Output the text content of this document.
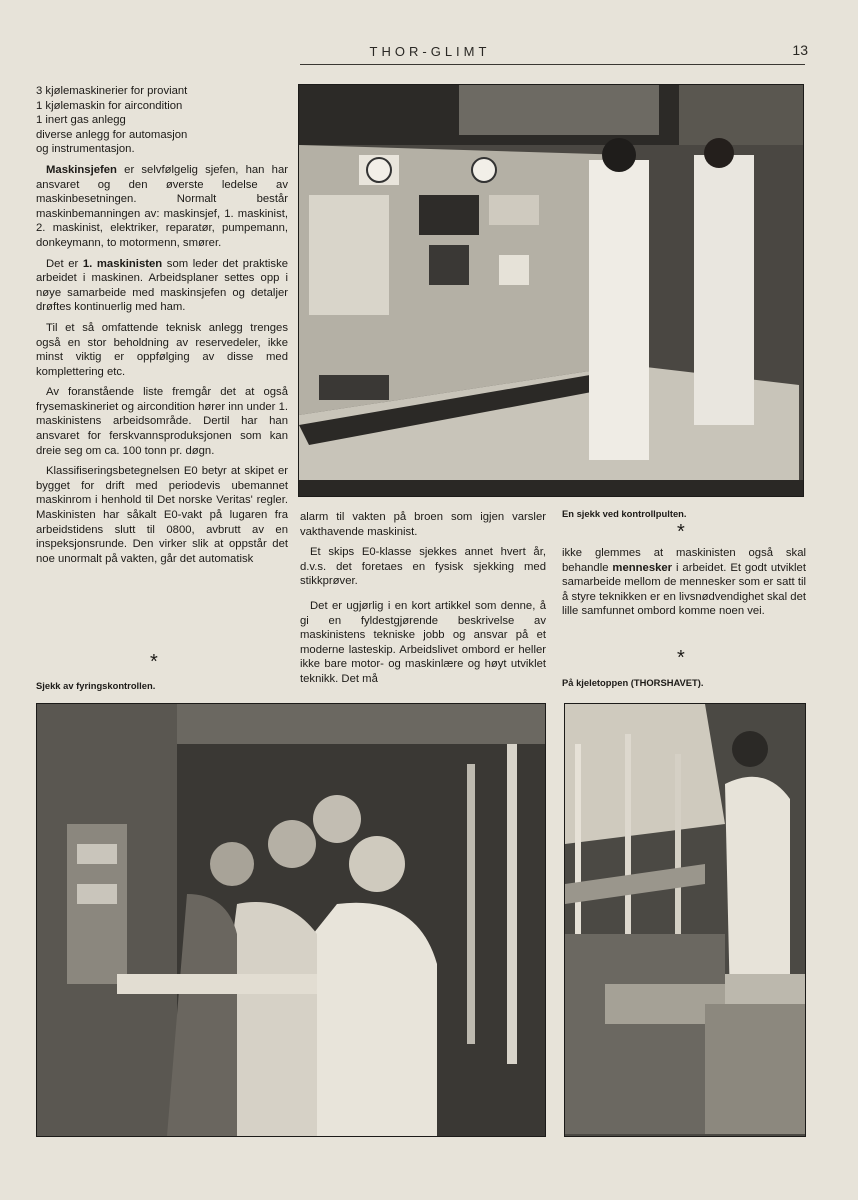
THOR-GLIMT	13
3 kjølemaskinerier for proviant
1 kjølemaskin for aircondition
1 inert gas anlegg
diverse anlegg for automasjon
og instrumentasjon.

Maskinsjefen er selvfølgelig sjefen, han har ansvaret og den øverste ledelse av maskinbesetningen. Normalt består maskinbemanningen av: maskinsjef, 1. maskinist, 2. maskinist, elektriker, reparatør, pumpemann, donkeymann, to motormenn, smører.

Det er 1. maskinisten som leder det praktiske arbeidet i maskinen. Arbeidsplaner settes opp i nøye samarbeide med maskinsjefen og detaljer drøftes kontinuerlig med ham.

Til et så omfattende teknisk anlegg trenges også en stor beholdning av reservedeler, ikke minst viktig er oppfølging av disse med komplettering etc.

Av foranstående liste fremgår det at også frysemaskineriet og aircondition hører inn under 1. maskinistens arbeidsområde. Dertil har han ansvaret for ferskvannsproduksjonen som kan dreie seg om ca. 100 tonn pr. døgn.

Klassifiseringsbetegnelsen E0 betyr at skipet er bygget for drift med periodevis ubemannet maskinrom i henhold til Det norske Veritas' regler. Maskinisten har såkalt E0-vakt på lugaren fra arbeidstidens slutt til 0800, avbrutt av en inspeksjonsrunde. Den virker slik at oppstår det noe unormalt på vakten, går det automatisk

*
Sjekk av fyringskontrollen.

alarm til vakten på broen som igjen varsler vakthavende maskinist.

Et skips E0-klasse sjekkes annet hvert år, d.v.s. det foretaes en fysisk sjekking med stikkprøver.

Det er ugjørlig i en kort artikkel som denne, å gi en fyldestgjørende beskrivelse av maskinistens tekniske jobb og ansvar på et moderne lasteskip. Arbeidslivet ombord er heller ikke bare motor- og maskinlære og høyt utviklet teknikk. Det må

En sjekk ved kontrollpulten.
*

ikke glemmes at maskinisten også skal behandle mennesker i arbeidet. Et godt utviklet samarbeide mellom de mennesker som er satt til å styre teknikken er en livsnødvendighet skal det lille samfunnet ombord komme noen vei.

*
På kjeletoppen (THORSHAVET).
